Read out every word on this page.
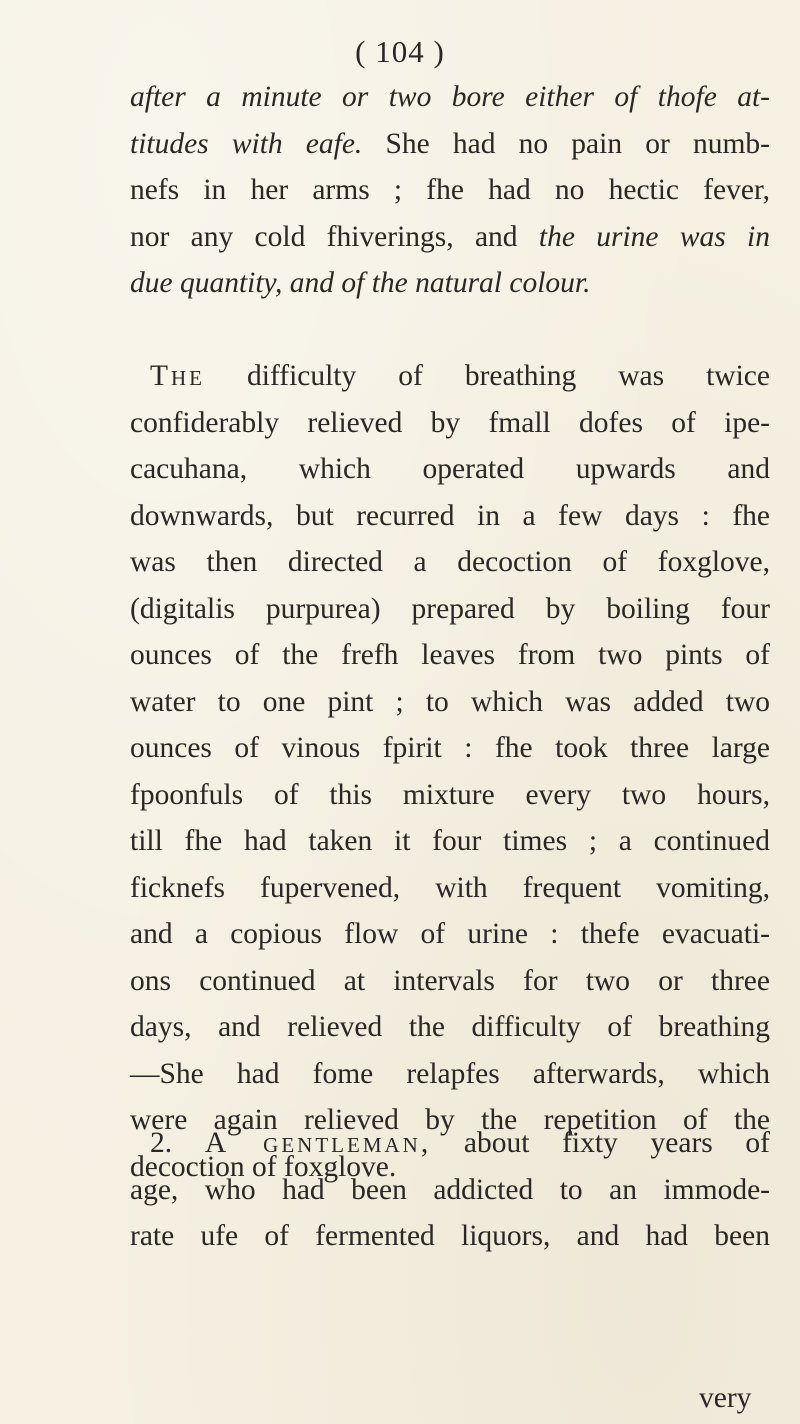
( 104 )
after a minute or two bore either of thofe at-
titudes with eafe. She had no pain or numb-
nefs in her arms ; fhe had no hectic fever,
nor any cold fhiverings, and the urine was in
due quantity, and of the natural colour.
The difficulty of breathing was twice
confiderably relieved by fmall dofes of ipe-
cacuhana, which operated upwards and
downwards, but recurred in a few days : fhe
was then directed a decoction of foxglove,
(digitalis purpurea) prepared by boiling four
ounces of the frefh leaves from two pints of
water to one pint ; to which was added two
ounces of vinous fpirit : fhe took three large
fpoonfuls of this mixture every two hours,
till fhe had taken it four times ; a continued
ficknefs fupervened, with frequent vomiting,
and a copious flow of urine : thefe evacuati-
ons continued at intervals for two or three
days, and relieved the difficulty of breathing
—She had fome relapfes afterwards, which
were again relieved by the repetition of the
decoction of foxglove.
2. A gentleman, about fixty years of
age, who had been addicted to an immode-
rate ufe of fermented liquors, and had been
very
